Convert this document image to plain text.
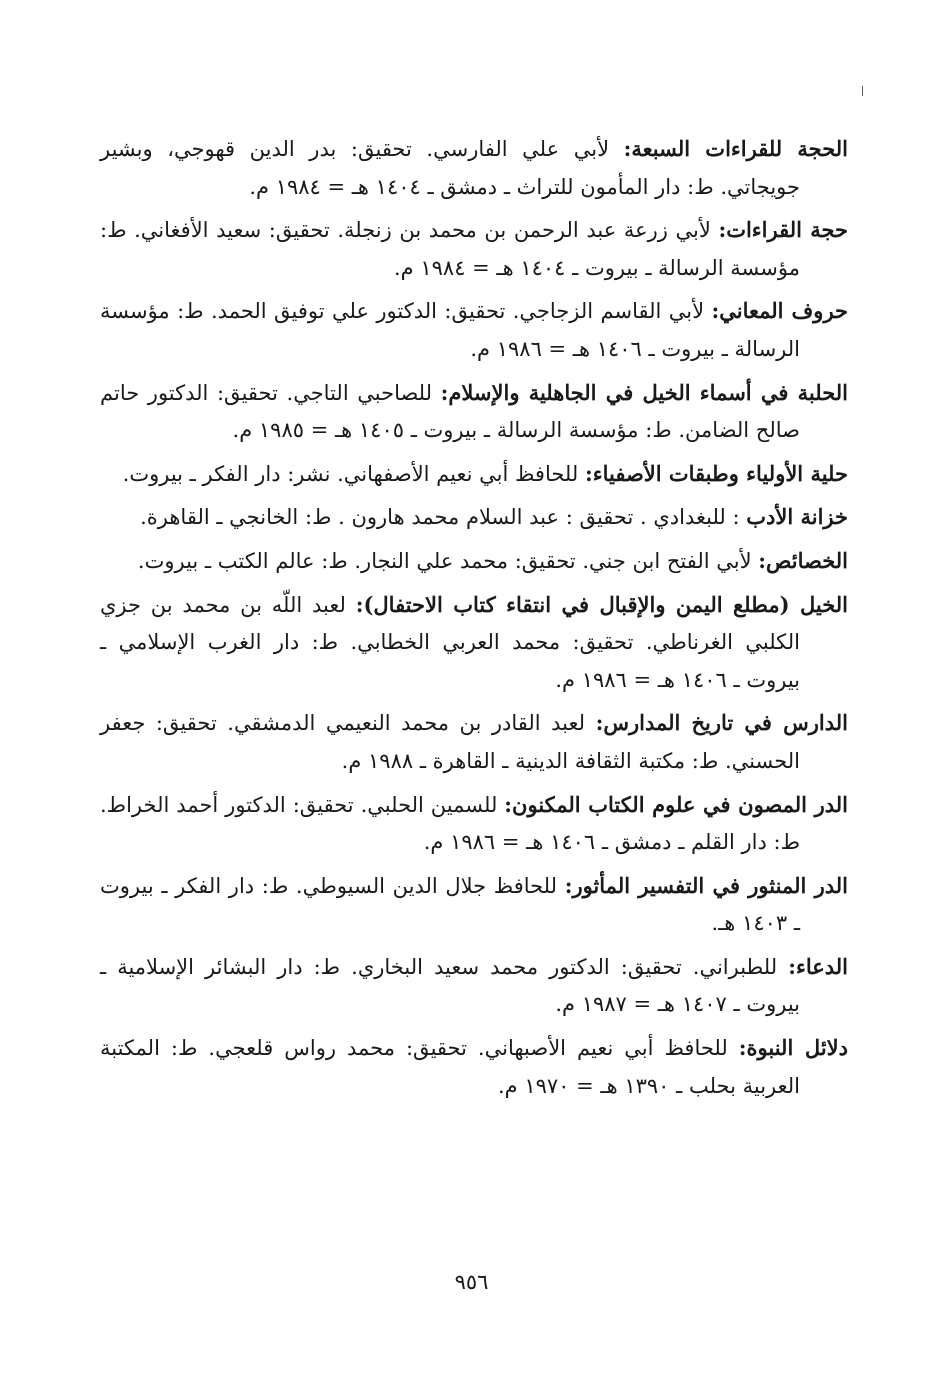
الحجة للقراءات السبعة: لأبي علي الفارسي. تحقيق: بدر الدين قهوجي، وبشير جويجاتي. ط: دار المأمون للتراث ـ دمشق ـ ١٤٠٤ هـ = ١٩٨٤ م.

حجة القراءات: لأبي زرعة عبد الرحمن بن محمد بن زنجلة. تحقيق: سعيد الأفغاني. ط: مؤسسة الرسالة ـ بيروت ـ ١٤٠٤ هـ = ١٩٨٤ م.

حروف المعاني: لأبي القاسم الزجاجي. تحقيق: الدكتور علي توفيق الحمد. ط: مؤسسة الرسالة ـ بيروت ـ ١٤٠٦ هـ = ١٩٨٦ م.

الحلبة في أسماء الخيل في الجاهلية والإسلام: للصاحبي التاجي. تحقيق: الدكتور حاتم صالح الضامن. ط: مؤسسة الرسالة ـ بيروت ـ ١٤٠٥ هـ = ١٩٨٥ م.

حلية الأولياء وطبقات الأصفياء: للحافظ أبي نعيم الأصفهاني. نشر: دار الفكر ـ بيروت.

خزانة الأدب : للبغدادي . تحقيق : عبد السلام محمد هارون . ط: الخانجي ـ القاهرة.

الخصائص: لأبي الفتح ابن جني. تحقيق: محمد علي النجار. ط: عالم الكتب ـ بيروت.

الخيل (مطلع اليمن والإقبال في انتقاء كتاب الاحتفال): لعبد اللّه بن محمد بن جزي الكلبي الغرناطي. تحقيق: محمد العربي الخطابي. ط: دار الغرب الإسلامي ـ بيروت ـ ١٤٠٦ هـ = ١٩٨٦ م.

الدارس في تاريخ المدارس: لعبد القادر بن محمد النعيمي الدمشقي. تحقيق: جعفر الحسني. ط: مكتبة الثقافة الدينية ـ القاهرة ـ ١٩٨٨ م.

الدر المصون في علوم الكتاب المكنون: للسمين الحلبي. تحقيق: الدكتور أحمد الخراط. ط: دار القلم ـ دمشق ـ ١٤٠٦ هـ = ١٩٨٦ م.

الدر المنثور في التفسير المأثور: للحافظ جلال الدين السيوطي. ط: دار الفكر ـ بيروت ـ ١٤٠٣ هـ.

الدعاء: للطبراني. تحقيق: الدكتور محمد سعيد البخاري. ط: دار البشائر الإسلامية ـ بيروت ـ ١٤٠٧ هـ = ١٩٨٧ م.

دلائل النبوة: للحافظ أبي نعيم الأصبهاني. تحقيق: محمد رواس قلعجي. ط: المكتبة العربية بحلب ـ ١٣٩٠ هـ = ١٩٧٠ م.

٩٥٦
